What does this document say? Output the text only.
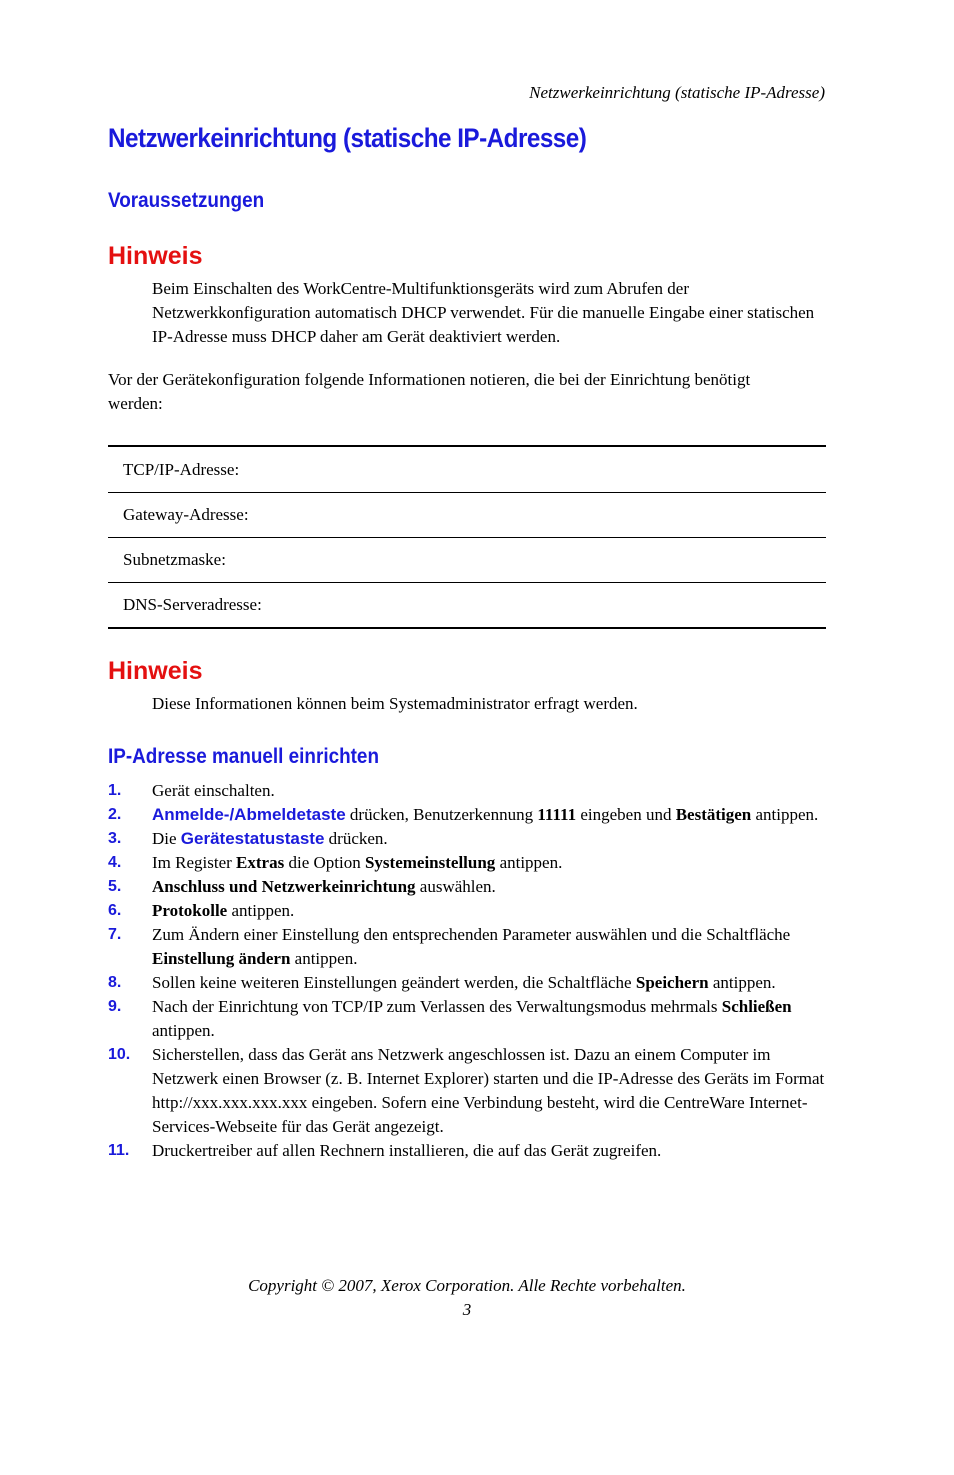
Netzwerkeinrichtung (statische IP-Adresse)
Netzwerkeinrichtung (statische IP-Adresse)
Voraussetzungen
Hinweis

Beim Einschalten des WorkCentre-Multifunktionsgeräts wird zum Abrufen der Netzwerkkonfiguration automatisch DHCP verwendet. Für die manuelle Eingabe einer statischen IP-Adresse muss DHCP daher am Gerät deaktiviert werden.

Vor der Gerätekonfiguration folgende Informationen notieren, die bei der Einrichtung benötigt werden:

TCP/IP-Adresse:
Gateway-Adresse:
Subnetzmaske:
DNS-Serveradresse:
Hinweis

Diese Informationen können beim Systemadministrator erfragt werden.

IP-Adresse manuell einrichten
1. Gerät einschalten.
2. Anmelde-/Abmeldetaste drücken, Benutzerkennung 11111 eingeben und Bestätigen antippen.
3. Die Gerätestatustaste drücken.
4. Im Register Extras die Option Systemeinstellung antippen.
5. Anschluss und Netzwerkeinrichtung auswählen.
6. Protokolle antippen.
7. Zum Ändern einer Einstellung den entsprechenden Parameter auswählen und die Schaltfläche Einstellung ändern antippen.
8. Sollen keine weiteren Einstellungen geändert werden, die Schaltfläche Speichern antippen.
9. Nach der Einrichtung von TCP/IP zum Verlassen des Verwaltungsmodus mehrmals Schließen antippen.
10. Sicherstellen, dass das Gerät ans Netzwerk angeschlossen ist. Dazu an einem Computer im Netzwerk einen Browser (z. B. Internet Explorer) starten und die IP-Adresse des Geräts im Format http://xxx.xxx.xxx.xxx eingeben. Sofern eine Verbindung besteht, wird die CentreWare Internet-Services-Webseite für das Gerät angezeigt.
11. Druckertreiber auf allen Rechnern installieren, die auf das Gerät zugreifen.
Copyright © 2007, Xerox Corporation. Alle Rechte vorbehalten.
3
